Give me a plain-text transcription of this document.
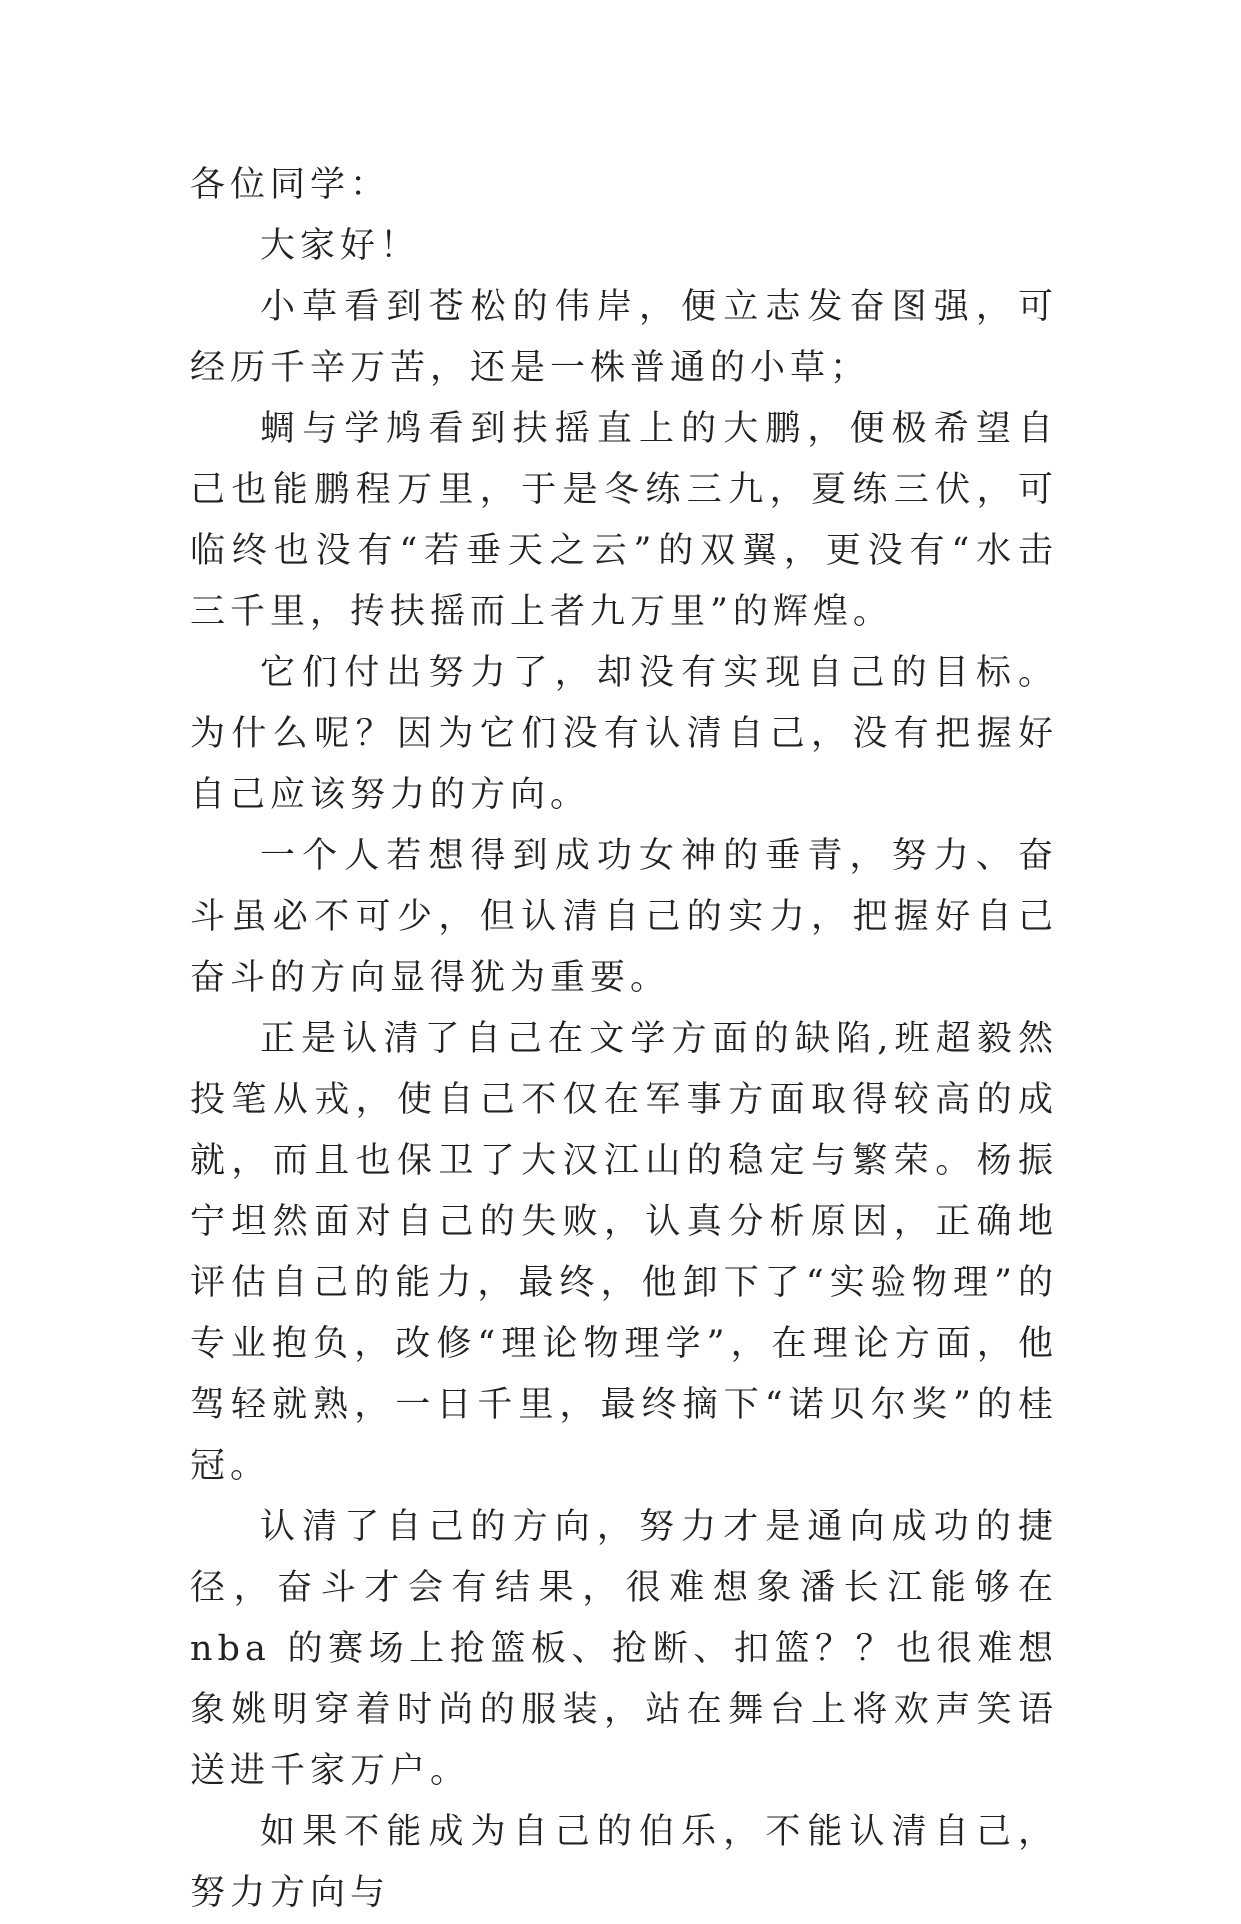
各位同学：

大家好！

小草看到苍松的伟岸，便立志发奋图强，可经历千辛万苦，还是一株普通的小草；

蜩与学鸠看到扶摇直上的大鹏，便极希望自己也能鹏程万里，于是冬练三九，夏练三伏，可临终也没有“若垂天之云”的双翼，更没有“水击三千里，抟扶摇而上者九万里”的辉煌。

它们付出努力了，却没有实现自己的目标。为什么呢？因为它们没有认清自己，没有把握好自己应该努力的方向。

一个人若想得到成功女神的垂青，努力、奋斗虽必不可少，但认清自己的实力，把握好自己奋斗的方向显得犹为重要。

正是认清了自己在文学方面的缺陷,班超毅然投笔从戎，使自己不仅在军事方面取得较高的成就，而且也保卫了大汉江山的稳定与繁荣。杨振宁坦然面对自己的失败，认真分析原因，正确地评估自己的能力，最终，他卸下了“实验物理”的专业抱负，改修“理论物理学”，在理论方面，他驾轻就熟，一日千里，最终摘下“诺贝尔奖”的桂冠。

认清了自己的方向，努力才是通向成功的捷径，奋斗才会有结果，很难想象潘长江能够在 nba 的赛场上抢篮板、抢断、扣篮？？也很难想象姚明穿着时尚的服装，站在舞台上将欢声笑语送进千家万户。

如果不能成为自己的伯乐，不能认清自己，努力方向与
